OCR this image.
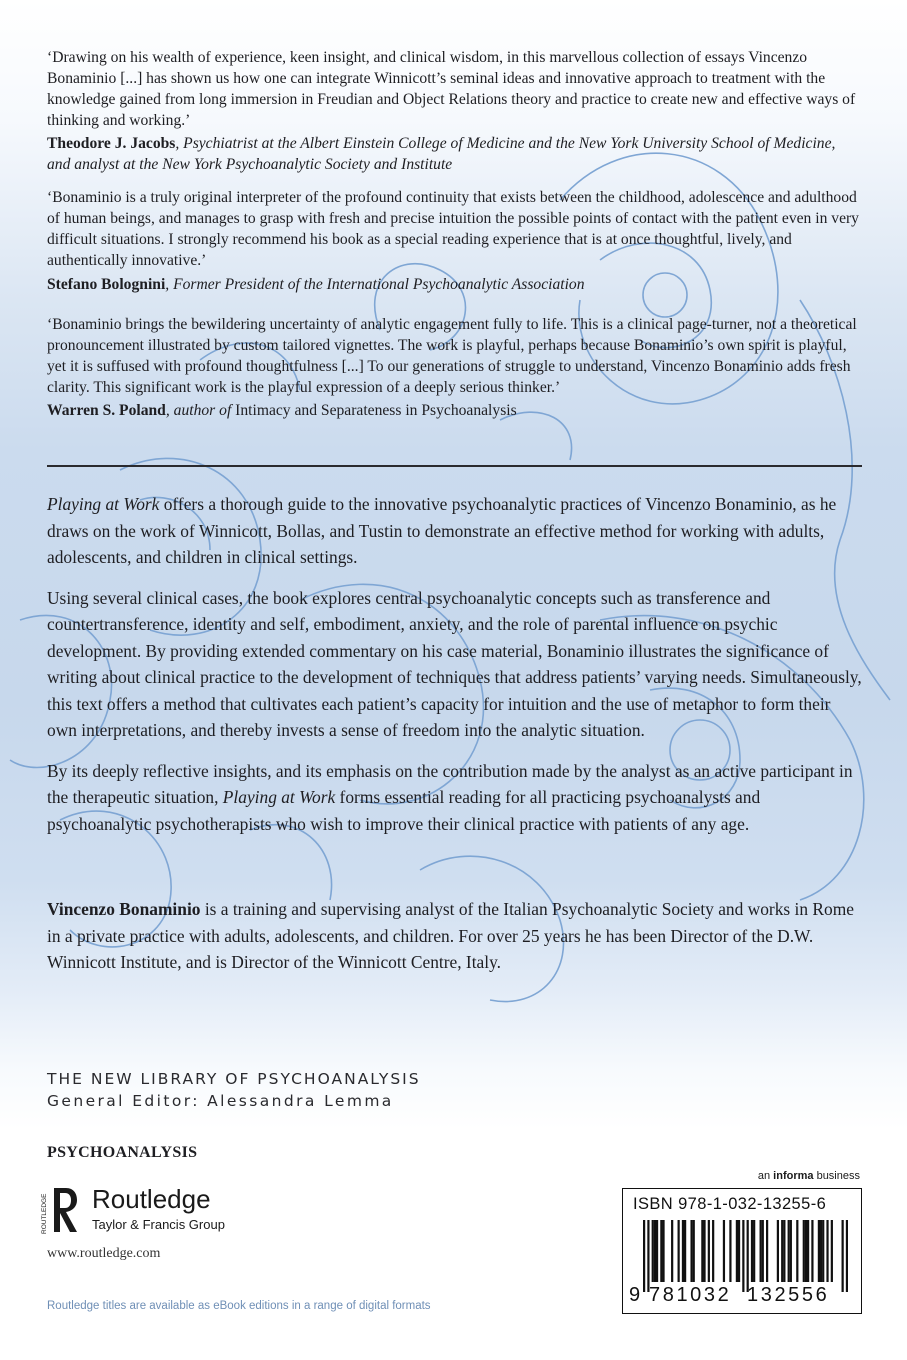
‘Drawing on his wealth of experience, keen insight, and clinical wisdom, in this marvellous collection of essays Vincenzo Bonaminio [...] has shown us how one can integrate Winnicott’s seminal ideas and innovative approach to treatment with the knowledge gained from long immersion in Freudian and Object Relations theory and practice to create new and effective ways of thinking and working.’

Theodore J. Jacobs, Psychiatrist at the Albert Einstein College of Medicine and the New York University School of Medicine, and analyst at the New York Psychoanalytic Society and Institute

‘Bonaminio is a truly original interpreter of the profound continuity that exists between the childhood, adolescence and adulthood of human beings, and manages to grasp with fresh and precise intuition the possible points of contact with the patient even in very difficult situations. I strongly recommend his book as a special reading experience that is at once thoughtful, lively, and authentically innovative.’

Stefano Bolognini, Former President of the International Psychoanalytic Association

‘Bonaminio brings the bewildering uncertainty of analytic engagement fully to life. This is a clinical page-turner, not a theoretical pronouncement illustrated by custom tailored vignettes. The work is playful, perhaps because Bonaminio’s own spirit is playful, yet it is suffused with profound thoughtfulness [...] To our generations of struggle to understand, Vincenzo Bonaminio adds fresh clarity. This significant work is the playful expression of a deeply serious thinker.’

Warren S. Poland, author of Intimacy and Separateness in Psychoanalysis

Playing at Work offers a thorough guide to the innovative psychoanalytic practices of Vincenzo Bonaminio, as he draws on the work of Winnicott, Bollas, and Tustin to demonstrate an effective method for working with adults, adolescents, and children in clinical settings.

Using several clinical cases, the book explores central psychoanalytic concepts such as transference and countertransference, identity and self, embodiment, anxiety, and the role of parental influence on psychic development. By providing extended commentary on his case material, Bonaminio illustrates the significance of writing about clinical practice to the development of techniques that address patients’ varying needs. Simultaneously, this text offers a method that cultivates each patient’s capacity for intuition and the use of metaphor to form their own interpretations, and thereby invests a sense of freedom into the analytic situation.

By its deeply reflective insights, and its emphasis on the contribution made by the analyst as an active participant in the therapeutic situation, Playing at Work forms essential reading for all practicing psychoanalysts and psychoanalytic psychotherapists who wish to improve their clinical practice with patients of any age.

Vincenzo Bonaminio is a training and supervising analyst of the Italian Psychoanalytic Society and works in Rome in a private practice with adults, adolescents, and children. For over 25 years he has been Director of the D.W. Winnicott Institute, and is Director of the Winnicott Centre, Italy.

THE NEW LIBRARY OF PSYCHOANALYSIS
General Editor: Alessandra Lemma
PSYCHOANALYSIS
ROUTLEDGE Routledge
Taylor & Francis Group
www.routledge.com
Routledge titles are available as eBook editions in a range of digital formats
an informa business
ISBN 978-1-032-13255-6
9 781032 132556
